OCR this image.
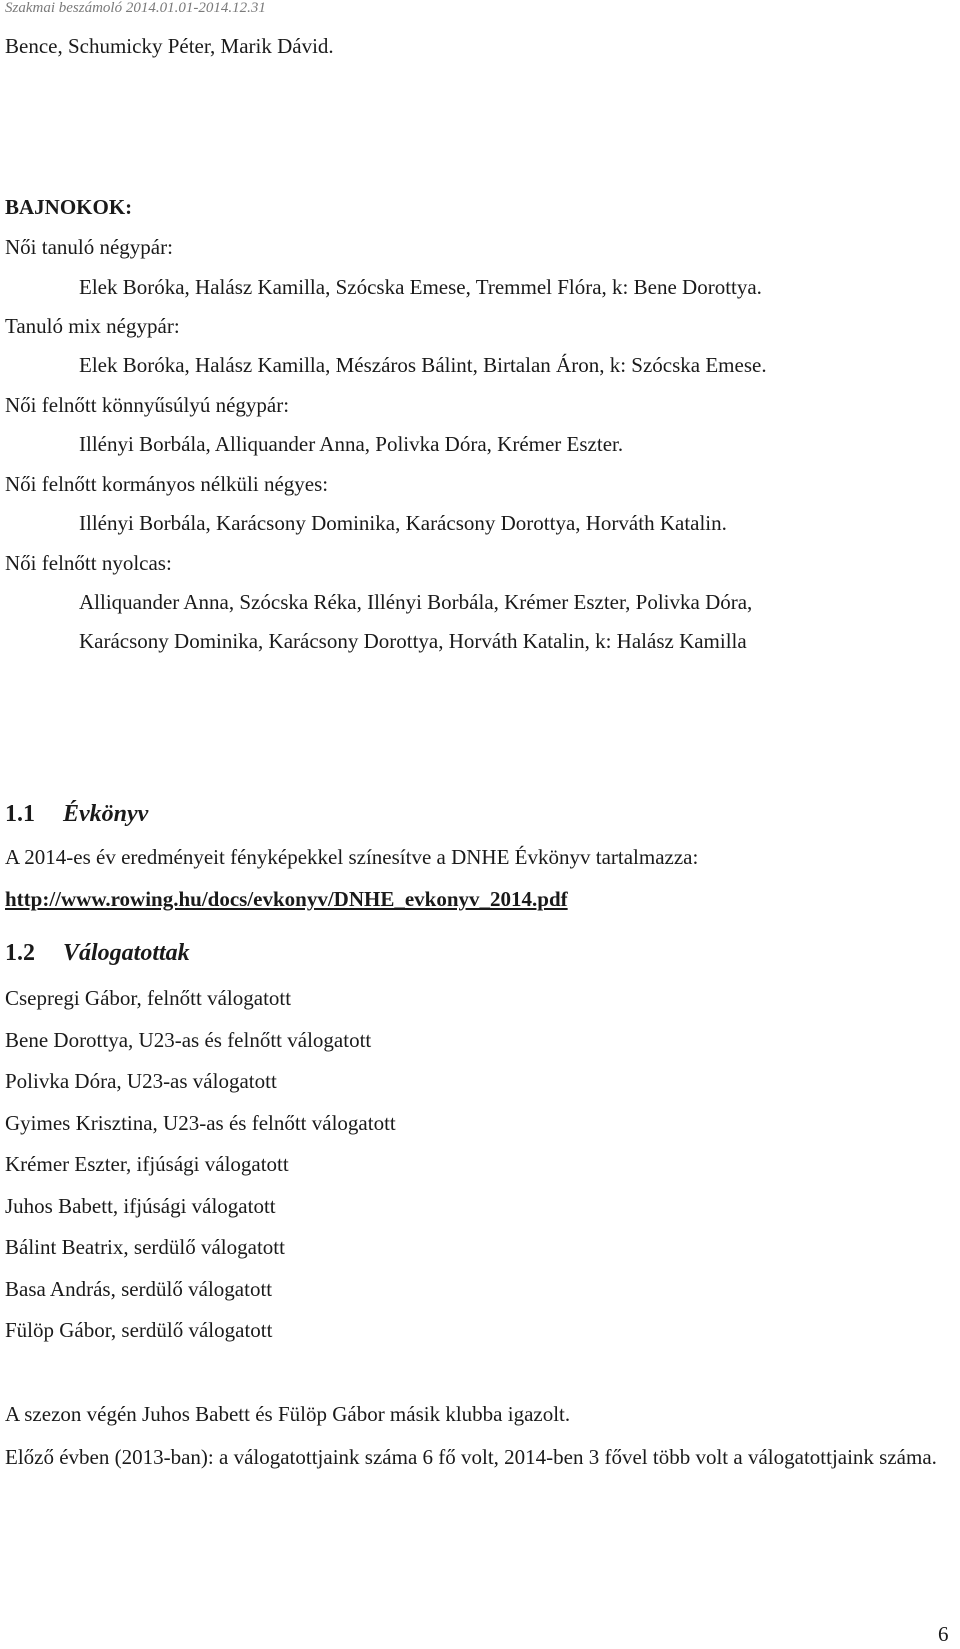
Szakmai beszámoló 2014.01.01-2014.12.31
Bence, Schumicky Péter, Marik Dávid.
BAJNOKOK:
Női tanuló négypár:
Elek Boróka, Halász Kamilla, Szócska Emese, Tremmel Flóra, k: Bene Dorottya.
Tanuló mix négypár:
Elek Boróka, Halász Kamilla, Mészáros Bálint, Birtalan Áron, k: Szócska Emese.
Női felnőtt könnyűsúlyú négypár:
Illényi Borbála, Alliquander Anna, Polivka Dóra, Krémer Eszter.
Női felnőtt kormányos nélküli négyes:
Illényi Borbála, Karácsony Dominika, Karácsony Dorottya, Horváth Katalin.
Női felnőtt nyolcas:
Alliquander Anna, Szócska Réka, Illényi Borbála, Krémer Eszter, Polivka Dóra,
Karácsony Dominika, Karácsony Dorottya, Horváth Katalin, k: Halász Kamilla
1.1 Évkönyv
A 2014-es év eredményeit fényképekkel színesítve a DNHE Évkönyv tartalmazza:
http://www.rowing.hu/docs/evkonyv/DNHE_evkonyv_2014.pdf
1.2 Válogatottak
Csepregi Gábor, felnőtt válogatott
Bene Dorottya, U23-as és felnőtt válogatott
Polivka Dóra, U23-as válogatott
Gyimes Krisztina, U23-as és felnőtt válogatott
Krémer Eszter, ifjúsági válogatott
Juhos Babett, ifjúsági válogatott
Bálint Beatrix, serdülő válogatott
Basa András, serdülő válogatott
Fülöp Gábor, serdülő válogatott
A szezon végén Juhos Babett és Fülöp Gábor másik klubba igazolt.
Előző évben (2013-ban): a válogatottjaink száma 6 fő volt, 2014-ben 3 fővel több volt a válogatottjaink száma.
6
